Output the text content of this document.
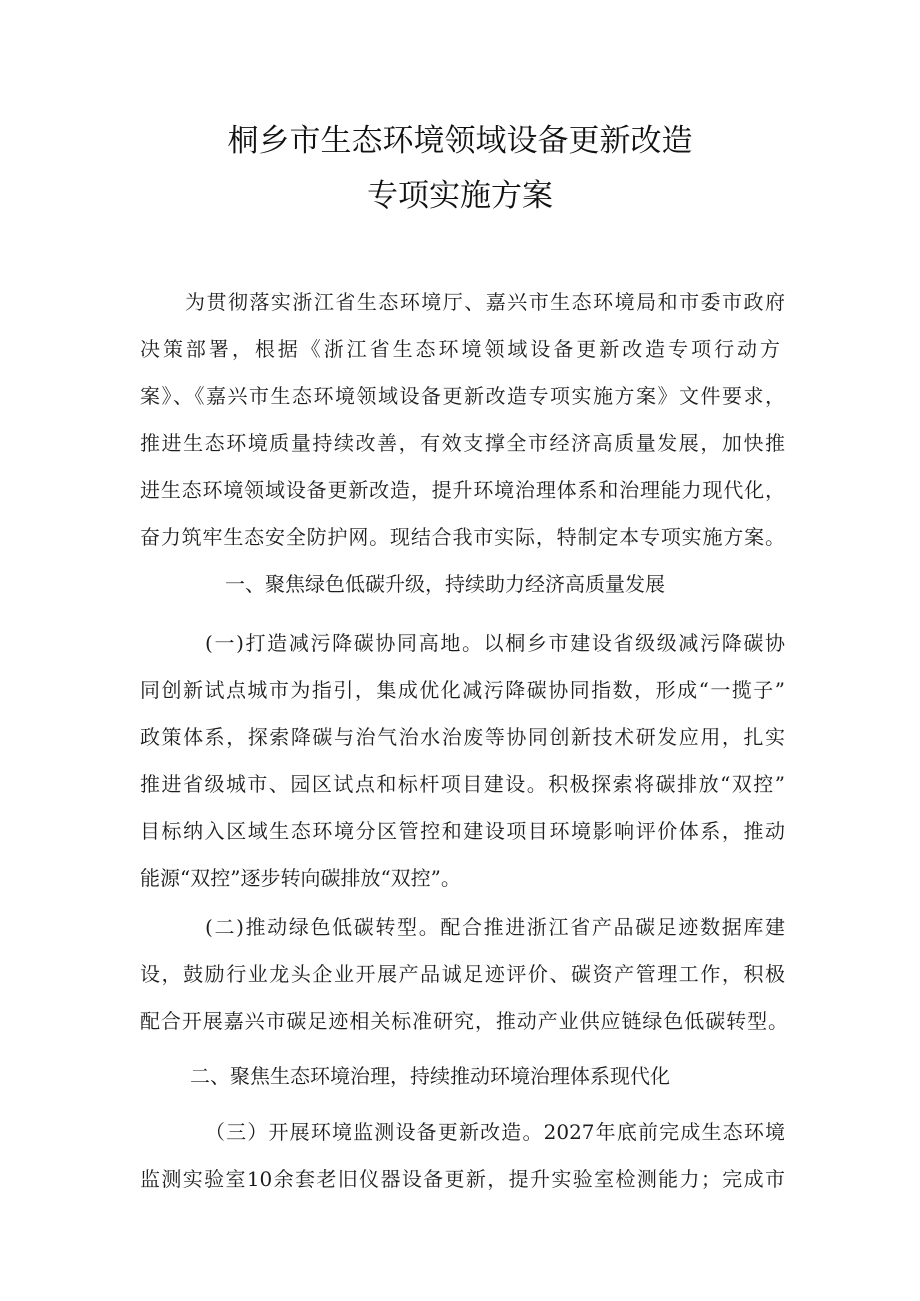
桐乡市生态环境领域设备更新改造
专项实施方案
为贯彻落实浙江省生态环境厅、嘉兴市生态环境局和市委市政府
决策部署，根据《浙江省生态环境领域设备更新改造专项行动方
案》、《嘉兴市生态环境领域设备更新改造专项实施方案》文件要求，
推进生态环境质量持续改善，有效支撑全市经济高质量发展，加快推
进生态环境领域设备更新改造，提升环境治理体系和治理能力现代化，
奋力筑牢生态安全防护网。现结合我市实际，特制定本专项实施方案。
一、聚焦绿色低碳升级，持续助力经济高质量发展
(一)打造减污降碳协同高地。以桐乡市建设省级级减污降碳协
同创新试点城市为指引，集成优化减污降碳协同指数，形成“一揽子”
政策体系，探索降碳与治气治水治废等协同创新技术研发应用，扎实
推进省级城市、园区试点和标杆项目建设。积极探索将碳排放“双控”
目标纳入区域生态环境分区管控和建设项目环境影响评价体系，推动
能源“双控”逐步转向碳排放“双控”。
(二)推动绿色低碳转型。配合推进浙江省产品碳足迹数据库建
设，鼓励行业龙头企业开展产品诚足迹评价、碳资产管理工作，积极
配合开展嘉兴市碳足迹相关标准研究，推动产业供应链绿色低碳转型。
二、聚焦生态环境治理，持续推动环境治理体系现代化
（三）开展环境监测设备更新改造。2027年底前完成生态环境
监测实验室10余套老旧仪器设备更新，提升实验室检测能力；完成市
